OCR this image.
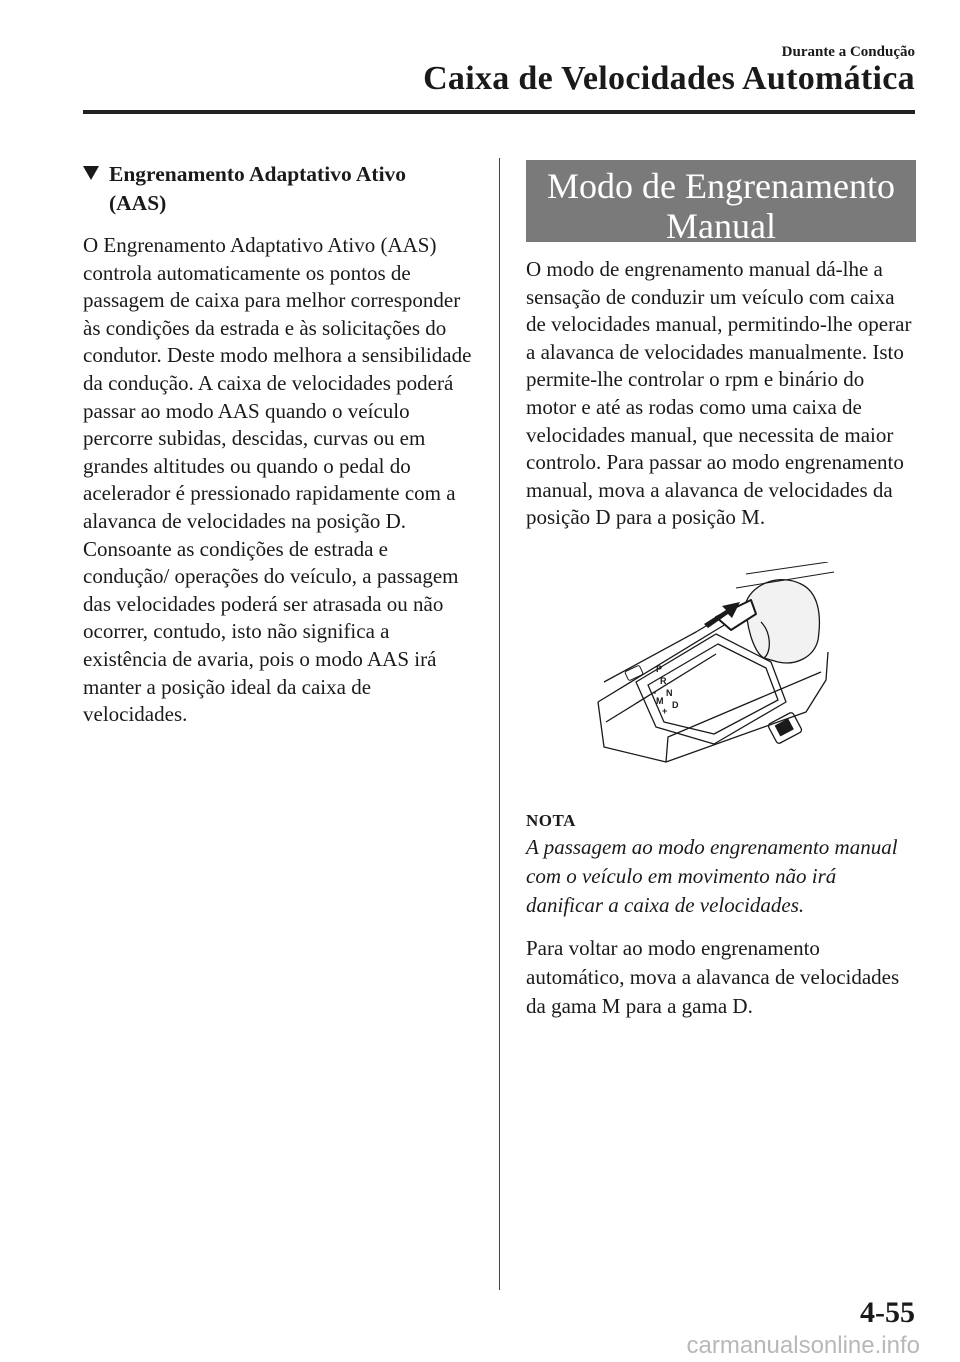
Durante a Condução
Caixa de Velocidades Automática
Engrenamento Adaptativo Ativo
(AAS)
O Engrenamento Adaptativo Ativo (AAS) controla automaticamente os pontos de passagem de caixa para melhor corresponder às condições da estrada e às solicitações do condutor. Deste modo melhora a sensibilidade da condução. A caixa de velocidades poderá passar ao modo AAS quando o veículo percorre subidas, descidas, curvas ou em grandes altitudes ou quando o pedal do acelerador é pressionado rapidamente com a alavanca de velocidades na posição D. Consoante as condições de estrada e condução/ operações do veículo, a passagem das velocidades poderá ser atrasada ou não ocorrer, contudo, isto não significa a existência de avaria, pois o modo AAS irá manter a posição ideal da caixa de velocidades.
Modo de Engrenamento
Manual
O modo de engrenamento manual dá-lhe a sensação de conduzir um veículo com caixa de velocidades manual, permitindo-lhe operar a alavanca de velocidades manualmente. Isto permite-lhe controlar o rpm e binário do motor e até as rodas como uma caixa de velocidades manual, que necessita de maior controlo. Para passar ao modo engrenamento manual, mova a alavanca de velocidades da posição D para a posição M.
P
R
N
D
M
−
+
NOTA
A passagem ao modo engrenamento manual com o veículo em movimento não irá danificar a caixa de velocidades.
Para voltar ao modo engrenamento automático, mova a alavanca de velocidades da gama M para a gama D.
4-55
carmanualsonline.info
